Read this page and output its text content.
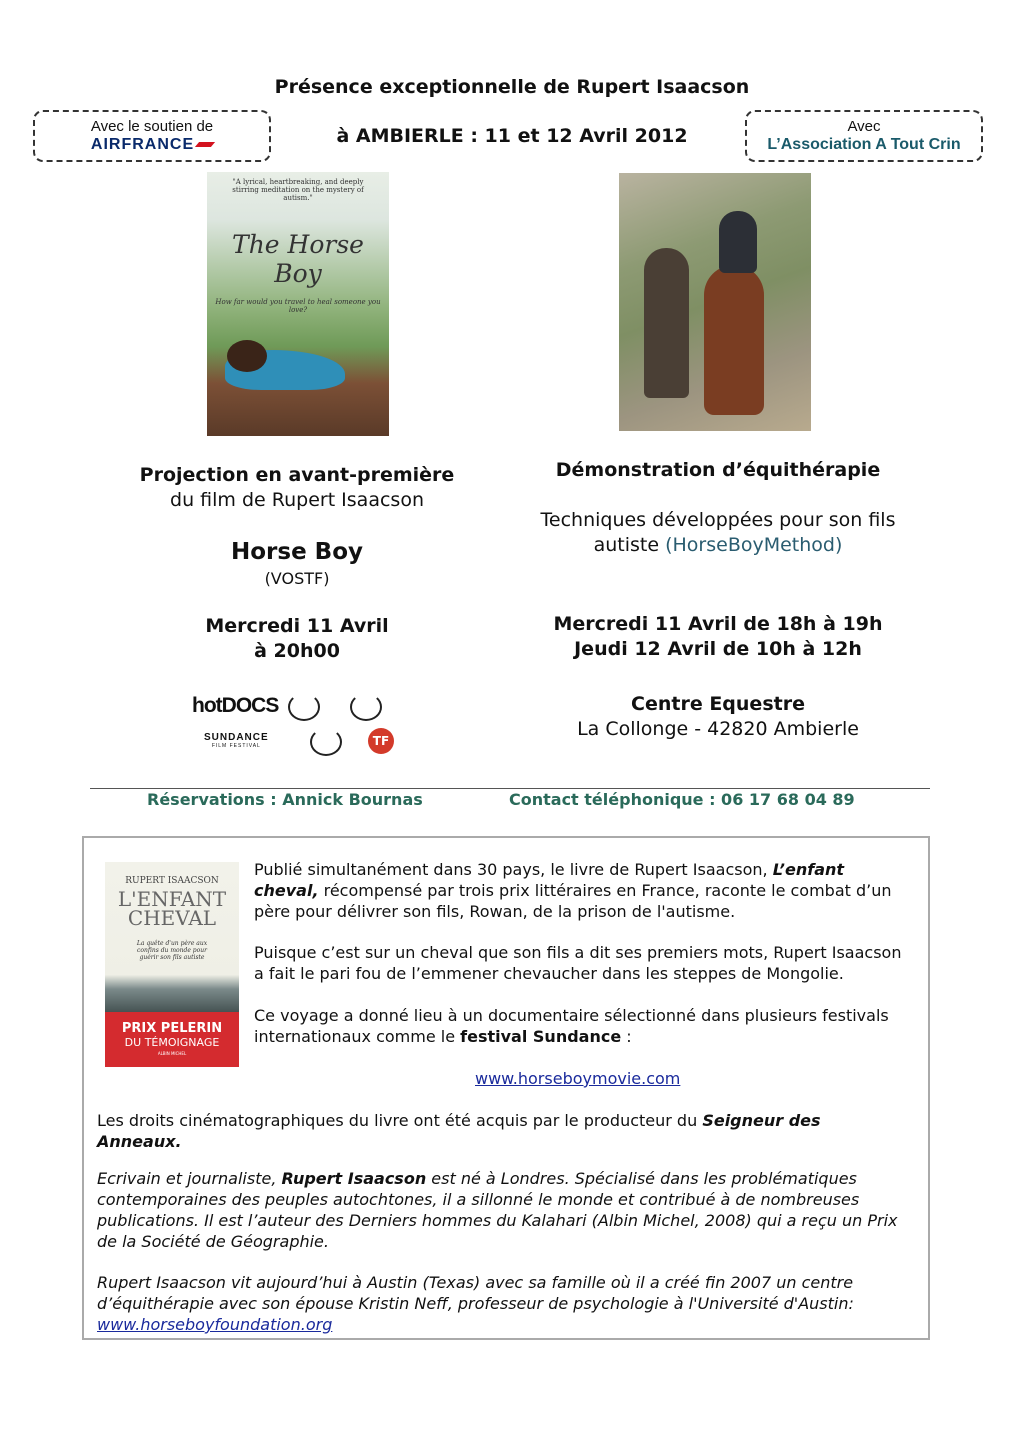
Présence exceptionnelle de Rupert Isaacson
à AMBIERLE : 11 et 12 Avril 2012
Avec le soutien de
AIRFRANCE
Avec
L’Association A Tout Crin
"A lyrical, heartbreaking, and deeply stirring meditation on the mystery of autism."
The Horse Boy
How far would you travel to heal someone you love?
Projection en avant-première
du film de Rupert Isaacson
Horse Boy
(VOSTF)
Mercredi 11 Avril
à 20h00
hotDOCS
SUNDANCE
FILM FESTIVAL	TF
Démonstration d’équithérapie
Techniques développées pour son fils
autiste (HorseBoyMethod)
Mercredi 11 Avril de 18h à 19h
Jeudi 12 Avril de 10h à 12h
Centre Equestre
La Collonge - 42820 Ambierle
Réservations : Annick Bournas	Contact téléphonique : 06 17 68 04 89
RUPERT ISAACSON
L'ENFANT
CHEVAL
La quête d'un père aux confins du monde pour guérir son fils autiste
PRIX PELERIN
DU TÉMOIGNAGE
ALBIN MICHEL
Publié simultanément dans 30 pays, le livre de Rupert Isaacson, L’enfant cheval, récompensé par trois prix littéraires en France, raconte le combat d’un père pour délivrer son fils, Rowan, de la prison de l'autisme.
Puisque c’est sur un cheval que son fils a dit ses premiers mots, Rupert Isaacson a fait le pari fou de l’emmener chevaucher dans les steppes de Mongolie.
Ce voyage a donné lieu à un documentaire sélectionné dans plusieurs festivals internationaux comme le festival Sundance :
www.horseboymovie.com
Les droits cinématographiques du livre ont été acquis par le producteur du Seigneur des Anneaux.
Ecrivain et journaliste, Rupert Isaacson est né à Londres. Spécialisé dans les problématiques contemporaines des peuples autochtones, il a sillonné le monde et contribué à de nombreuses publications. Il est l’auteur des Derniers hommes du Kalahari (Albin Michel, 2008) qui a reçu un Prix de la Société de Géographie.
Rupert Isaacson vit aujourd’hui à Austin (Texas) avec sa famille où il a créé fin 2007 un centre d’équithérapie avec son épouse Kristin Neff, professeur de psychologie à l'Université d'Austin: www.horseboyfoundation.org
